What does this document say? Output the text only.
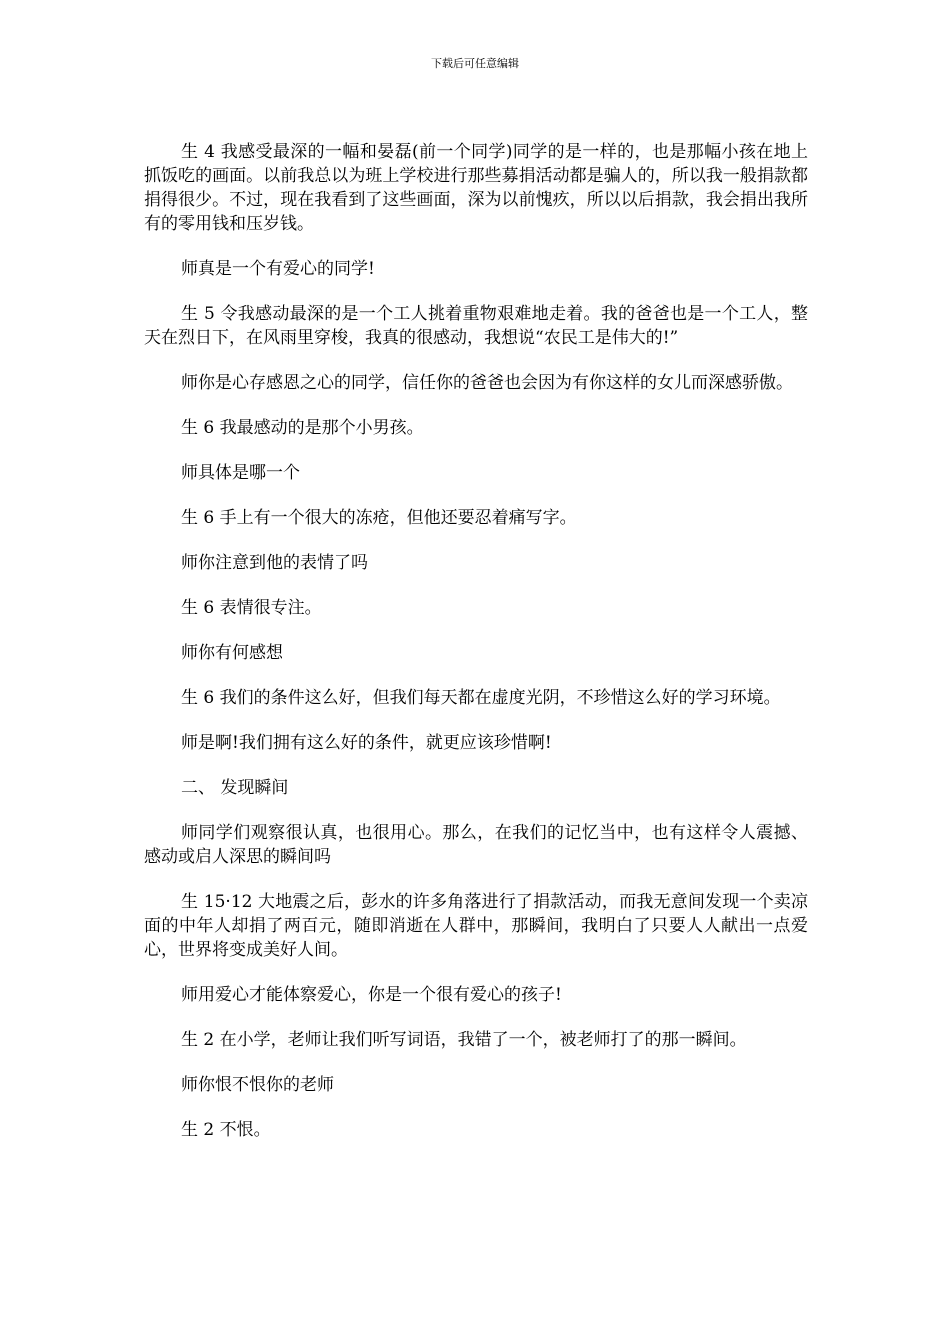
下载后可任意编辑

生 4 我感受最深的一幅和晏磊(前一个同学)同学的是一样的，也是那幅小孩在地上抓饭吃的画面。以前我总以为班上学校进行那些募捐活动都是骗人的，所以我一般捐款都捐得很少。不过，现在我看到了这些画面，深为以前愧疚，所以以后捐款，我会捐出我所有的零用钱和压岁钱。

师真是一个有爱心的同学!

生 5 令我感动最深的是一个工人挑着重物艰难地走着。我的爸爸也是一个工人，整天在烈日下，在风雨里穿梭，我真的很感动，我想说“农民工是伟大的!”

师你是心存感恩之心的同学，信任你的爸爸也会因为有你这样的女儿而深感骄傲。

生 6 我最感动的是那个小男孩。

师具体是哪一个

生 6 手上有一个很大的冻疮，但他还要忍着痛写字。

师你注意到他的表情了吗

生 6 表情很专注。

师你有何感想

生 6 我们的条件这么好，但我们每天都在虚度光阴，不珍惜这么好的学习环境。

师是啊!我们拥有这么好的条件，就更应该珍惜啊!

二、 发现瞬间

师同学们观察很认真，也很用心。那么，在我们的记忆当中，也有这样令人震撼、感动或启人深思的瞬间吗

生 15·12 大地震之后，彭水的许多角落进行了捐款活动，而我无意间发现一个卖凉面的中年人却捐了两百元，随即消逝在人群中，那瞬间，我明白了只要人人献出一点爱心，世界将变成美好人间。

师用爱心才能体察爱心，你是一个很有爱心的孩子!

生 2 在小学，老师让我们听写词语，我错了一个，被老师打了的那一瞬间。

师你恨不恨你的老师

生 2 不恨。
